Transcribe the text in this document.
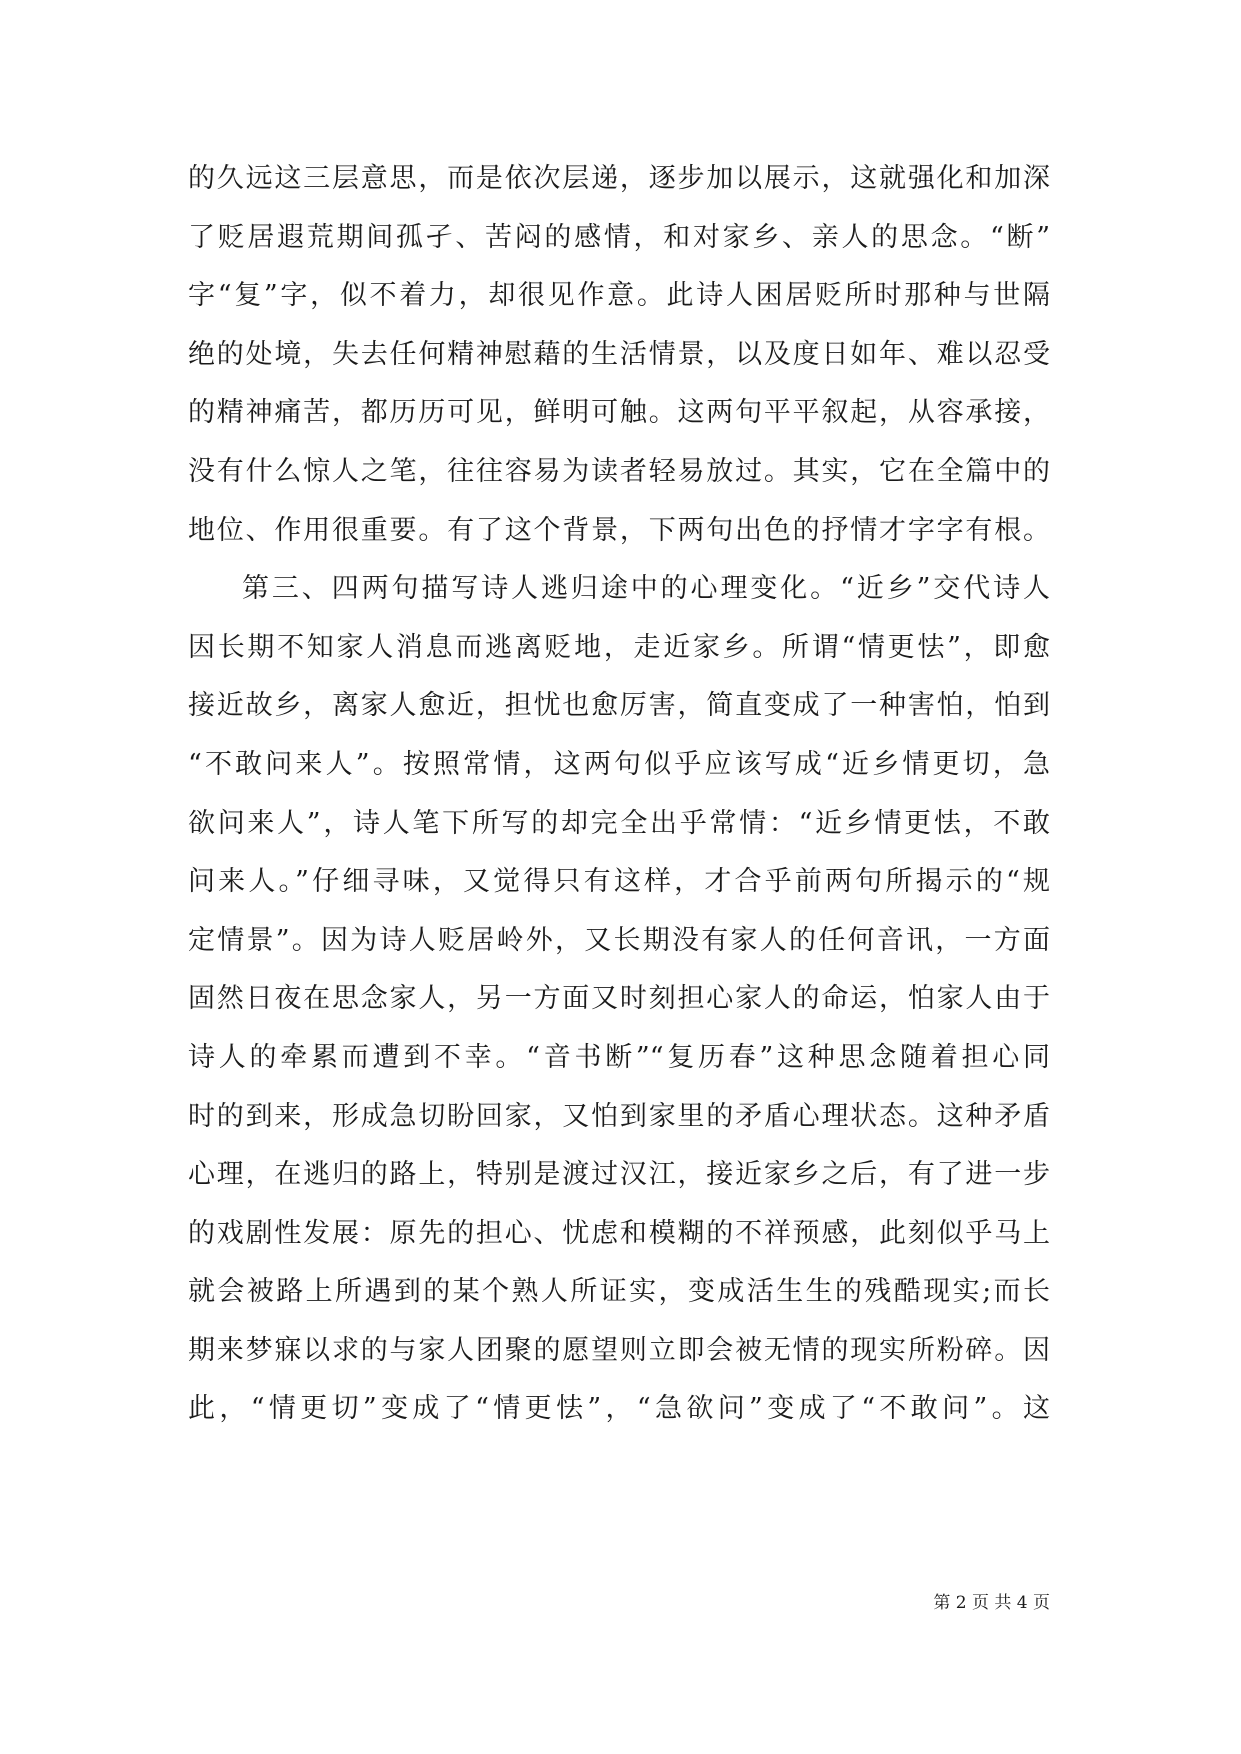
的久远这三层意思，而是依次层递，逐步加以展示，这就强化和加深
了贬居遐荒期间孤孑、苦闷的感情，和对家乡、亲人的思念。“断”
字“复”字，似不着力，却很见作意。此诗人困居贬所时那种与世隔
绝的处境，失去任何精神慰藉的生活情景，以及度日如年、难以忍受
的精神痛苦，都历历可见，鲜明可触。这两句平平叙起，从容承接，
没有什么惊人之笔，往往容易为读者轻易放过。其实，它在全篇中的
地位、作用很重要。有了这个背景，下两句出色的抒情才字字有根。
第三、四两句描写诗人逃归途中的心理变化。“近乡”交代诗人
因长期不知家人消息而逃离贬地，走近家乡。所谓“情更怯”，即愈
接近故乡，离家人愈近，担忧也愈厉害，简直变成了一种害怕，怕到
“不敢问来人”。按照常情，这两句似乎应该写成“近乡情更切，急
欲问来人”，诗人笔下所写的却完全出乎常情：“近乡情更怯，不敢
问来人。”仔细寻味，又觉得只有这样，才合乎前两句所揭示的“规
定情景”。因为诗人贬居岭外，又长期没有家人的任何音讯，一方面
固然日夜在思念家人，另一方面又时刻担心家人的命运，怕家人由于
诗人的牵累而遭到不幸。“音书断”“复历春”这种思念随着担心同
时的到来，形成急切盼回家，又怕到家里的矛盾心理状态。这种矛盾
心理，在逃归的路上，特别是渡过汉江，接近家乡之后，有了进一步
的戏剧性发展：原先的担心、忧虑和模糊的不祥预感，此刻似乎马上
就会被路上所遇到的某个熟人所证实，变成活生生的残酷现实;而长
期来梦寐以求的与家人团聚的愿望则立即会被无情的现实所粉碎。因
此，“情更切”变成了“情更怯”，“急欲问”变成了“不敢问”。这
第 2 页 共 4 页
